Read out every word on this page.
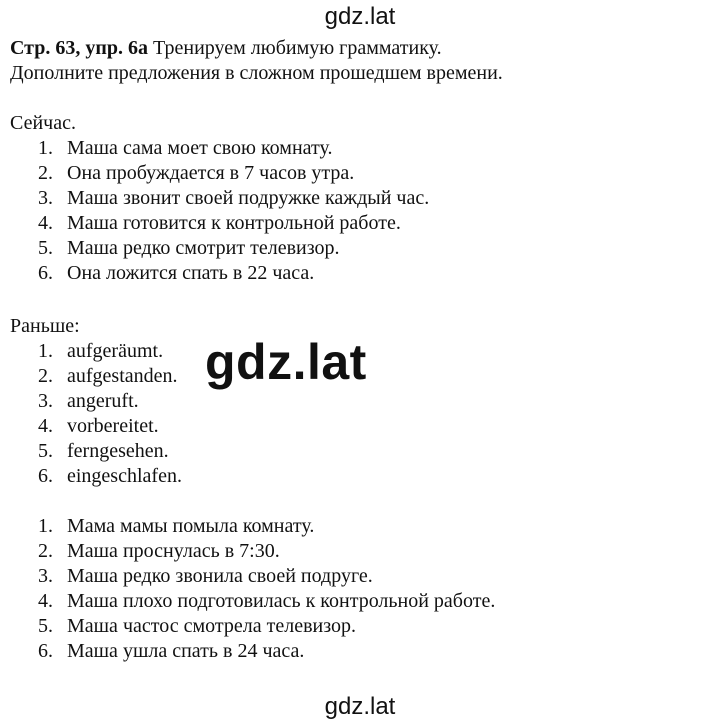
gdz.lat
Стр. 63, упр. 6а Тренируем любимую грамматику.
Дополните предложения в сложном прошедшем времени.
Сейчас.
1. Маша сама моет свою комнату.
2. Она пробуждается в 7 часов утра.
3. Маша звонит своей подружке каждый час.
4. Маша готовится к контрольной работе.
5. Маша редко смотрит телевизор.
6. Она ложится спать в 22 часа.
Раньше:
1. aufgeräumt.
2. aufgestanden.
3. angeruft.
4. vorbereitet.
5. ferngesehen.
6. eingeschlafen.
gdz.lat
1. Мама мамы помыла комнату.
2. Маша проснулась в 7:30.
3. Маша редко звонила своей подруге.
4. Маша плохо подготовилась к контрольной работе.
5. Маша частос смотрела телевизор.
6. Маша ушла спать в 24 часа.
gdz.lat
